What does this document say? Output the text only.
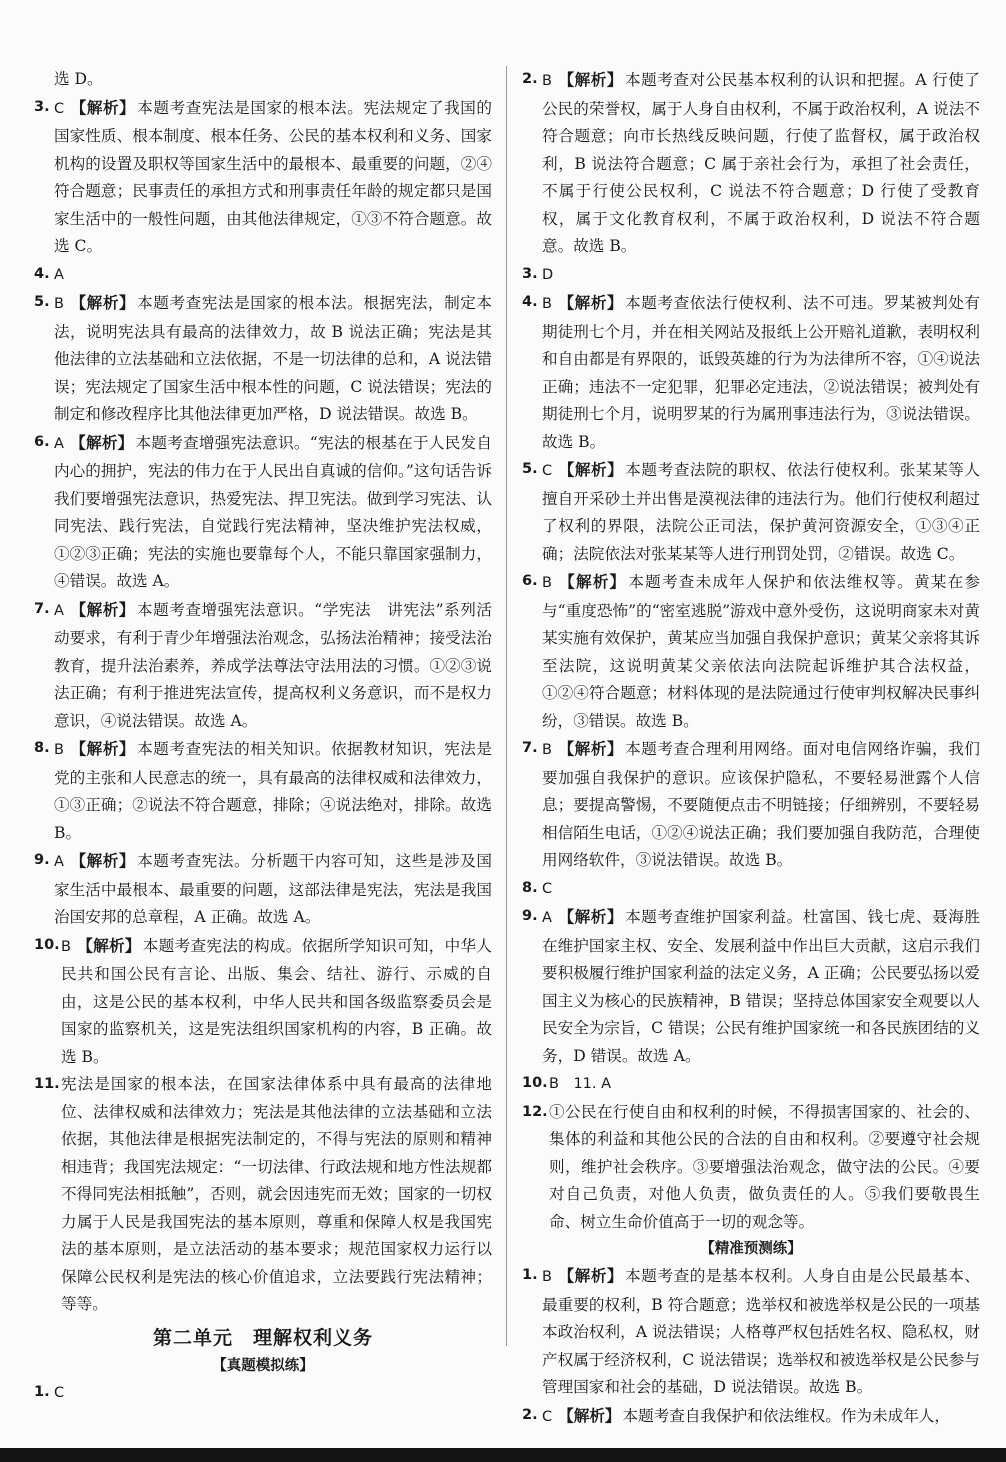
选 D。

3. C 【解析】 本题考查宪法是国家的根本法。宪法规定了我国的国家性质、根本制度、根本任务、公民的基本权利和义务、国家机构的设置及职权等国家生活中的最根本、最重要的问题，②④符合题意；民事责任的承担方式和刑事责任年龄的规定都只是国家生活中的一般性问题，由其他法律规定，①③不符合题意。故选 C。
4. A
5. B 【解析】 本题考查宪法是国家的根本法。根据宪法，制定本法，说明宪法具有最高的法律效力，故 B 说法正确；宪法是其他法律的立法基础和立法依据，不是一切法律的总和，A 说法错误；宪法规定了国家生活中根本性的问题，C 说法错误；宪法的制定和修改程序比其他法律更加严格，D 说法错误。故选 B。
6. A 【解析】 本题考查增强宪法意识。“宪法的根基在于人民发自内心的拥护，宪法的伟力在于人民出自真诚的信仰。”这句话告诉我们要增强宪法意识，热爱宪法、捍卫宪法。做到学习宪法、认同宪法、践行宪法，自觉践行宪法精神，坚决维护宪法权威，①②③正确；宪法的实施也要靠每个人，不能只靠国家强制力，④错误。故选 A。
7. A 【解析】 本题考查增强宪法意识。“学宪法　讲宪法”系列活动要求，有利于青少年增强法治观念，弘扬法治精神；接受法治教育，提升法治素养，养成学法尊法守法用法的习惯。①②③说法正确；有利于推进宪法宣传，提高权利义务意识，而不是权力意识，④说法错误。故选 A。
8. B 【解析】 本题考查宪法的相关知识。依据教材知识，宪法是党的主张和人民意志的统一，具有最高的法律权威和法律效力，①③正确；②说法不符合题意，排除；④说法绝对，排除。故选 B。
9. A 【解析】 本题考查宪法。分析题干内容可知，这些是涉及国家生活中最根本、最重要的问题，这部法律是宪法，宪法是我国治国安邦的总章程，A 正确。故选 A。
10. B 【解析】 本题考查宪法的构成。依据所学知识可知，中华人民共和国公民有言论、出版、集会、结社、游行、示威的自由，这是公民的基本权利，中华人民共和国各级监察委员会是国家的监察机关，这是宪法组织国家机构的内容，B 正确。故选 B。
11. 宪法是国家的根本法，在国家法律体系中具有最高的法律地位、法律权威和法律效力；宪法是其他法律的立法基础和立法依据，其他法律是根据宪法制定的，不得与宪法的原则和精神相违背；我国宪法规定：“一切法律、行政法规和地方性法规都不得同宪法相抵触”，否则，就会因违宪而无效；国家的一切权力属于人民是我国宪法的基本原则，尊重和保障人权是我国宪法的基本原则，是立法活动的基本要求；规范国家权力运行以保障公民权利是宪法的核心价值追求，立法要践行宪法精神；等等。
第二单元　理解权利义务
【真题模拟练】
1. C
2. B 【解析】 本题考查对公民基本权利的认识和把握。A 行使了公民的荣誉权，属于人身自由权利，不属于政治权利，A 说法不符合题意；向市长热线反映问题，行使了监督权，属于政治权利，B 说法符合题意；C 属于亲社会行为，承担了社会责任，不属于行使公民权利，C 说法不符合题意；D 行使了受教育权，属于文化教育权利，不属于政治权利，D 说法不符合题意。故选 B。
3. D
4. B 【解析】 本题考查依法行使权利、法不可违。罗某被判处有期徒刑七个月，并在相关网站及报纸上公开赔礼道歉，表明权利和自由都是有界限的，诋毁英雄的行为为法律所不容，①④说法正确；违法不一定犯罪，犯罪必定违法，②说法错误；被判处有期徒刑七个月，说明罗某的行为属刑事违法行为，③说法错误。故选 B。
5. C 【解析】 本题考查法院的职权、依法行使权利。张某某等人擅自开采砂土并出售是漠视法律的违法行为。他们行使权利超过了权利的界限，法院公正司法，保护黄河资源安全，①③④正确；法院依法对张某某等人进行刑罚处罚，②错误。故选 C。
6. B 【解析】 本题考查未成年人保护和依法维权等。黄某在参与“重度恐怖”的“密室逃脱”游戏中意外受伤，这说明商家未对黄某实施有效保护，黄某应当加强自我保护意识；黄某父亲将其诉至法院，这说明黄某父亲依法向法院起诉维护其合法权益，①②④符合题意；材料体现的是法院通过行使审判权解决民事纠纷，③错误。故选 B。
7. B 【解析】 本题考查合理利用网络。面对电信网络诈骗，我们要加强自我保护的意识。应该保护隐私，不要轻易泄露个人信息；要提高警惕，不要随便点击不明链接；仔细辨别，不要轻易相信陌生电话，①②④说法正确；我们要加强自我防范，合理使用网络软件，③说法错误。故选 B。
8. C
9. A 【解析】 本题考查维护国家利益。杜富国、钱七虎、聂海胜在维护国家主权、安全、发展利益中作出巨大贡献，这启示我们要积极履行维护国家利益的法定义务，A 正确；公民要弘扬以爱国主义为核心的民族精神，B 错误；坚持总体国家安全观要以人民安全为宗旨，C 错误；公民有维护国家统一和各民族团结的义务，D 错误。故选 A。
10. B　11. A
12. ①公民在行使自由和权利的时候，不得损害国家的、社会的、集体的利益和其他公民的合法的自由和权利。②要遵守社会规则，维护社会秩序。③要增强法治观念，做守法的公民。④要对自己负责，对他人负责，做负责任的人。⑤我们要敬畏生命、树立生命价值高于一切的观念等。
【精准预测练】
1. B 【解析】 本题考查的是基本权利。人身自由是公民最基本、最重要的权利，B 符合题意；选举权和被选举权是公民的一项基本政治权利，A 说法错误；人格尊严权包括姓名权、隐私权，财产权属于经济权利，C 说法错误；选举权和被选举权是公民参与管理国家和社会的基础，D 说法错误。故选 B。
2. C 【解析】 本题考查自我保护和依法维权。作为未成年人，
